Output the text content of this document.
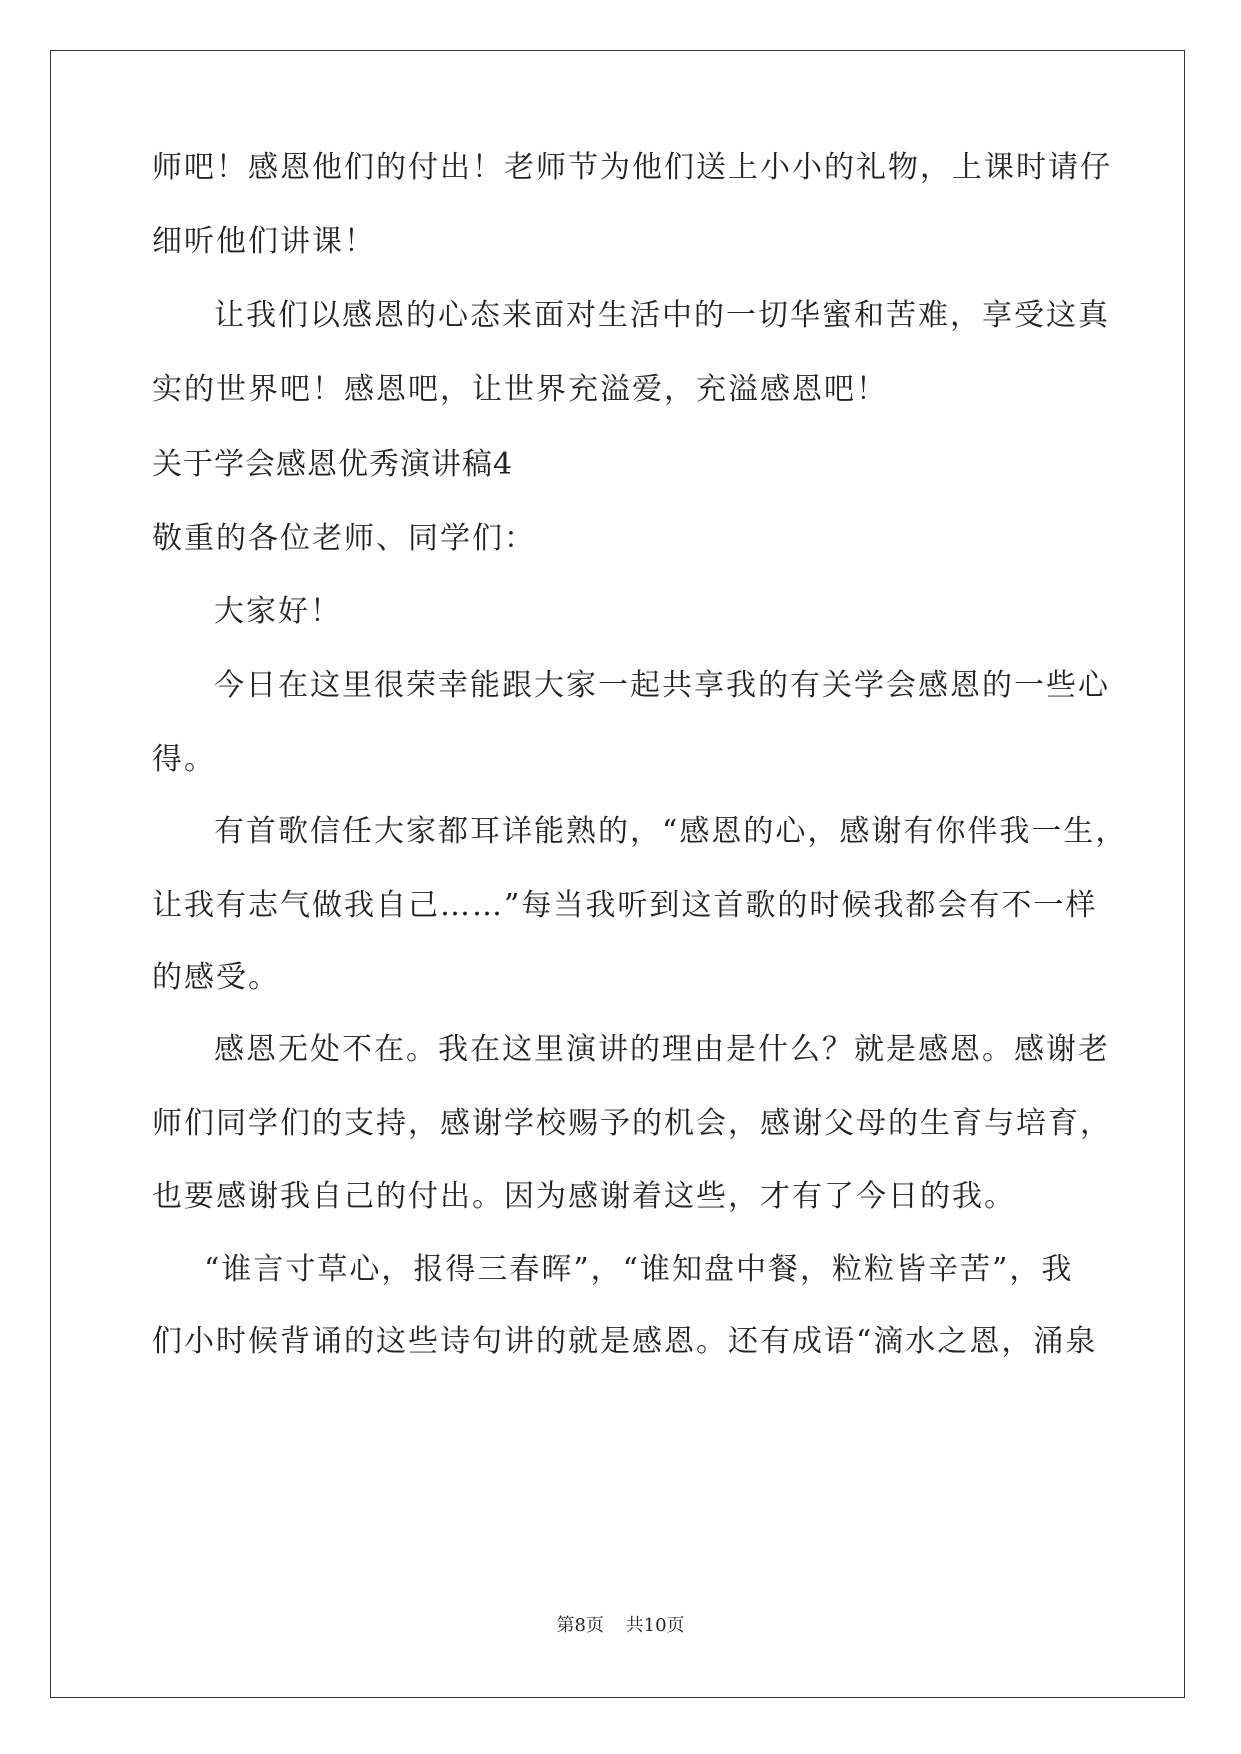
师吧！感恩他们的付出！老师节为他们送上小小的礼物，上课时请仔
细听他们讲课！
让我们以感恩的心态来面对生活中的一切华蜜和苦难，享受这真
实的世界吧！感恩吧，让世界充溢爱，充溢感恩吧！
关于学会感恩优秀演讲稿4
敬重的各位老师、同学们：
大家好！
今日在这里很荣幸能跟大家一起共享我的有关学会感恩的一些心
得。
有首歌信任大家都耳详能熟的，“感恩的心，感谢有你伴我一生，
让我有志气做我自己……”每当我听到这首歌的时候我都会有不一样
的感受。
感恩无处不在。我在这里演讲的理由是什么？就是感恩。感谢老
师们同学们的支持，感谢学校赐予的机会，感谢父母的生育与培育，
也要感谢我自己的付出。因为感谢着这些，才有了今日的我。
“谁言寸草心，报得三春晖”，“谁知盘中餐，粒粒皆辛苦”，我
们小时候背诵的这些诗句讲的就是感恩。还有成语“滴水之恩，涌泉
第8页 共10页
